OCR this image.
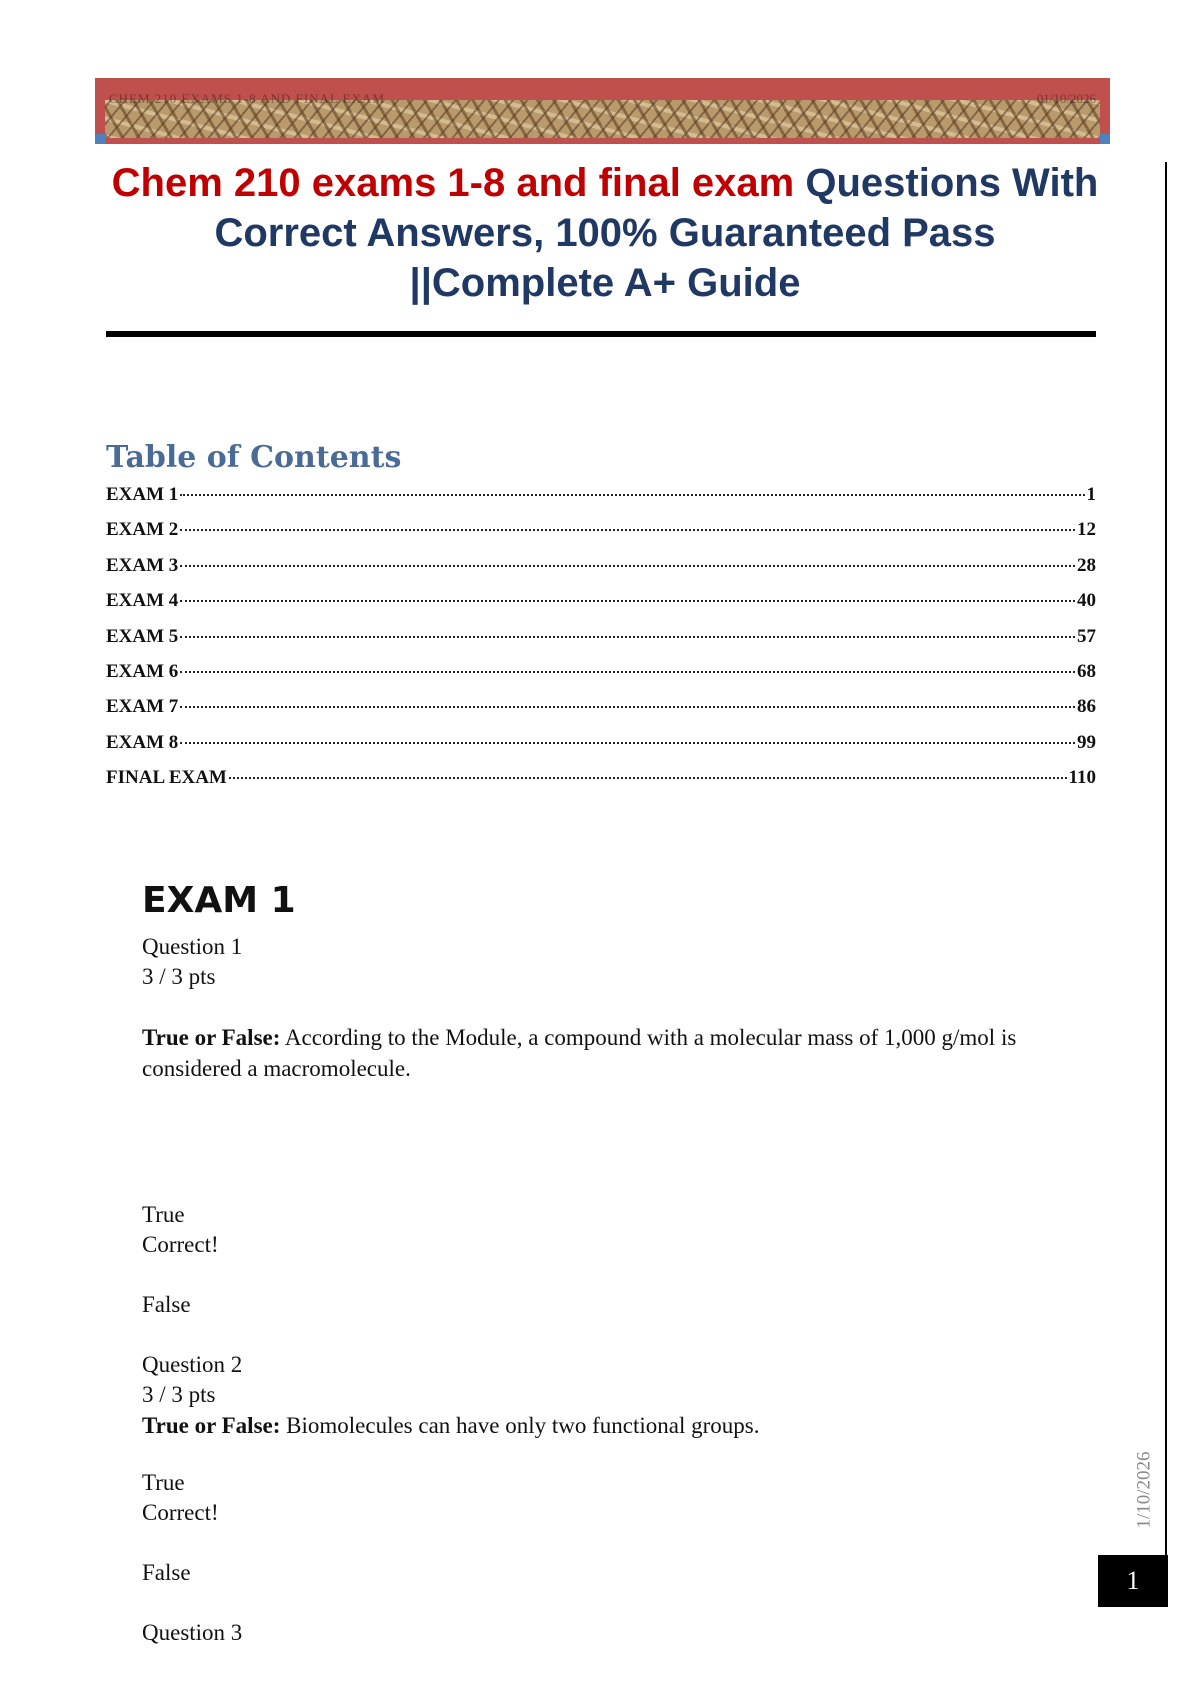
CHEM 210 EXAMS 1-8 AND FINAL EXAM	01/10/2026
Chem 210 exams 1-8 and final exam Questions With Correct Answers, 100% Guaranteed Pass ||Complete A+ Guide
Table of Contents
EXAM 1	1
EXAM 2	12
EXAM 3	28
EXAM 4	40
EXAM 5	57
EXAM 6	68
EXAM 7	86
EXAM 8	99
FINAL EXAM	110
EXAM 1
Question 1
3 / 3 pts
True or False: According to the Module, a compound with a molecular mass of 1,000 g/mol is considered a macromolecule.
True
Correct!
False
Question 2
3 / 3 pts
True or False: Biomolecules can have only two functional groups.
True
Correct!
False
Question 3
1/10/2026
1
